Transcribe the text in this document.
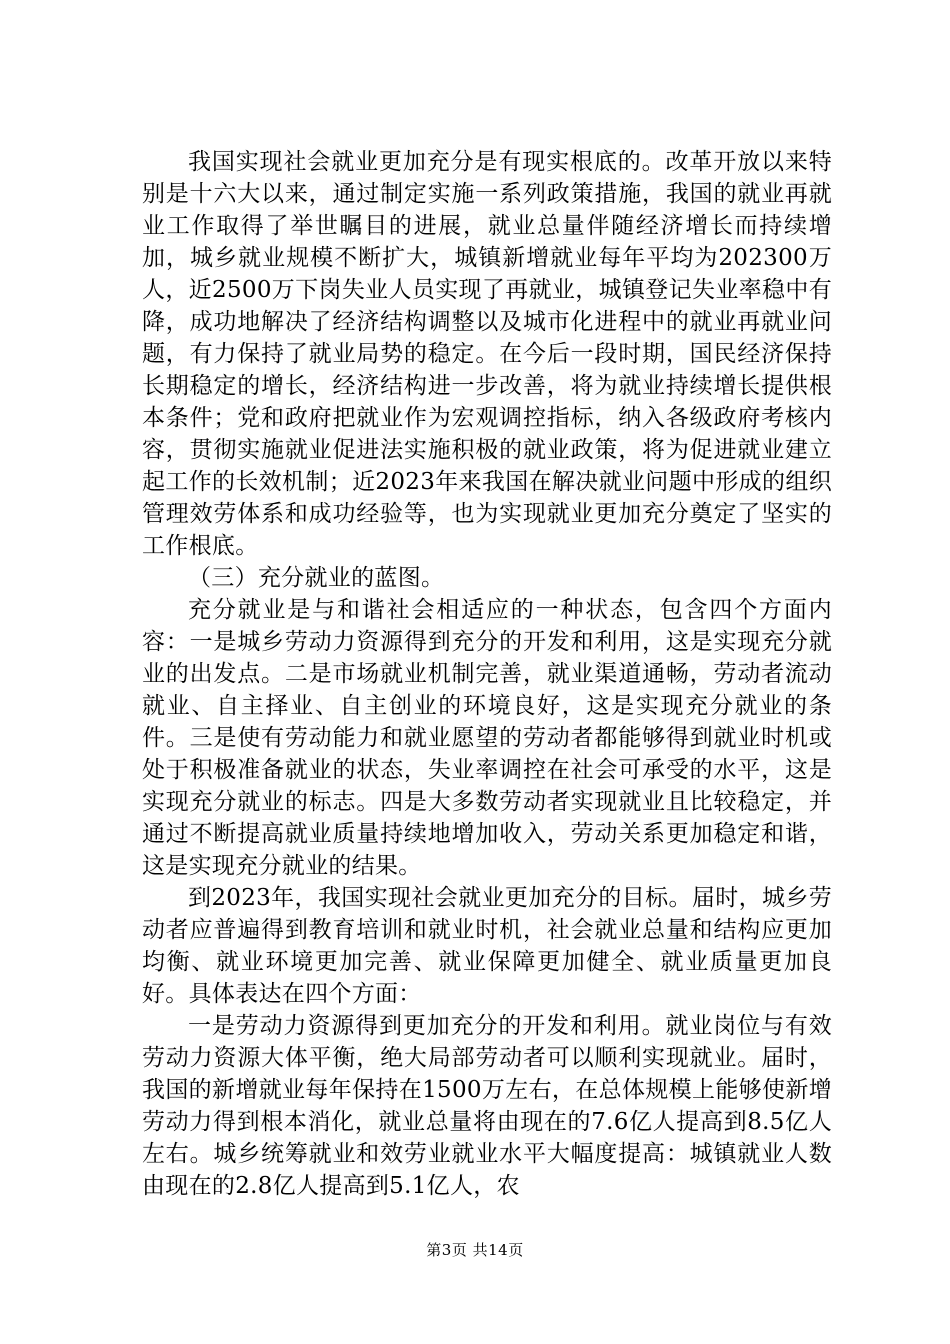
我国实现社会就业更加充分是有现实根底的。改革开放以来特别是十六大以来，通过制定实施一系列政策措施，我国的就业再就业工作取得了举世瞩目的进展，就业总量伴随经济增长而持续增加，城乡就业规模不断扩大，城镇新增就业每年平均为202300万人，近2500万下岗失业人员实现了再就业，城镇登记失业率稳中有降，成功地解决了经济结构调整以及城市化进程中的就业再就业问题，有力保持了就业局势的稳定。在今后一段时期，国民经济保持长期稳定的增长，经济结构进一步改善，将为就业持续增长提供根本条件；党和政府把就业作为宏观调控指标，纳入各级政府考核内容，贯彻实施就业促进法实施积极的就业政策，将为促进就业建立起工作的长效机制；近2023年来我国在解决就业问题中形成的组织管理效劳体系和成功经验等，也为实现就业更加充分奠定了坚实的工作根底。

（三）充分就业的蓝图。

充分就业是与和谐社会相适应的一种状态，包含四个方面内容：一是城乡劳动力资源得到充分的开发和利用，这是实现充分就业的出发点。二是市场就业机制完善，就业渠道通畅，劳动者流动就业、自主择业、自主创业的环境良好，这是实现充分就业的条件。三是使有劳动能力和就业愿望的劳动者都能够得到就业时机或处于积极准备就业的状态，失业率调控在社会可承受的水平，这是实现充分就业的标志。四是大多数劳动者实现就业且比较稳定，并通过不断提高就业质量持续地增加收入，劳动关系更加稳定和谐，这是实现充分就业的结果。

到2023年，我国实现社会就业更加充分的目标。届时，城乡劳动者应普遍得到教育培训和就业时机，社会就业总量和结构应更加均衡、就业环境更加完善、就业保障更加健全、就业质量更加良好。具体表达在四个方面：

一是劳动力资源得到更加充分的开发和利用。就业岗位与有效劳动力资源大体平衡，绝大局部劳动者可以顺利实现就业。届时，我国的新增就业每年保持在1500万左右，在总体规模上能够使新增劳动力得到根本消化，就业总量将由现在的7.6亿人提高到8.5亿人左右。城乡统筹就业和效劳业就业水平大幅度提高：城镇就业人数由现在的2.8亿人提高到5.1亿人，农

第3页 共14页
